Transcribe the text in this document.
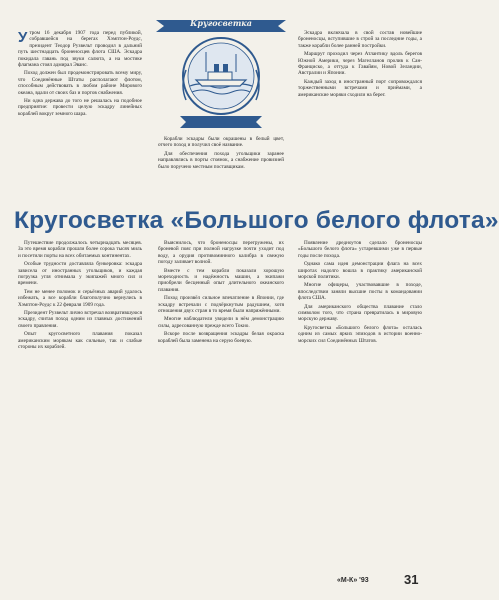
Утром 16 декабря 1907 года перед публикой, собравшейся на берегах Хэмптон-Роудс, президент Теодор Рузвельт проводил в дальний путь шестнадцать броненосцев флота США. Эскадра покидала гавань под звуки салюта, а на мостике флагмана стоял адмирал Эванс.

Поход должен был продемонстрировать всему миру, что Соединённые Штаты располагают флотом, способным действовать в любом районе Мирового океана, вдали от своих баз и портов снабжения.

Ни одна держава до того не решалась на подобное предприятие: провести целую эскадру линейных кораблей вокруг земного шара.

Кругосветка

Корабли эскадры были окрашены в белый цвет, отчего поход и получил своё название.

Для обеспечения похода угольщики заранее направлялись в порты стоянок, а снабжение провизией было поручено местным поставщикам.

Эскадра включала в свой состав новейшие броненосцы, вступившие в строй за последние годы, а также корабли более ранней постройки.

Маршрут проходил через Атлантику вдоль берегов Южной Америки, через Магелланов пролив к Сан-Франциско, а оттуда к Гавайям, Новой Зеландии, Австралии и Японии.

Каждый заход в иностранный порт сопровождался торжественными встречами и приёмами, а американские моряки сходили на берег.

Кругосветка «Большого белого флота»

Путешествие продолжалось четырнадцать месяцев. За это время корабли прошли более сорока тысяч миль и посетили порты на всех обитаемых континентах.

Особые трудности доставляла бункеровка: эскадра зависела от иностранных угольщиков, и каждая погрузка угля отнимала у экипажей много сил и времени.

Тем не менее поломок и серьёзных аварий удалось избежать, а все корабли благополучно вернулись в Хэмптон-Роудс к 22 февраля 1909 года.

Президент Рузвельт лично встречал возвратившуюся эскадру, считая поход одним из главных достижений своего правления.

Опыт кругосветного плавания показал американским морякам как сильные, так и слабые стороны их кораблей.

Выяснилось, что броненосцы перегружены, их броневой пояс при полной нагрузке почти уходит под воду, а орудия противоминного калибра в свежую погоду заливает волной.

Вместе с тем корабли показали хорошую мореходность и надёжность машин, а экипажи приобрели бесценный опыт длительного океанского плавания.

Поход произвёл сильное впечатление в Японии, где эскадру встречали с подчёркнутым радушием, хотя отношения двух стран в то время были напряжёнными.

Многие наблюдатели увидели в нём демонстрацию силы, адресованную прежде всего Токио.

Вскоре после возвращения эскадры белая окраска кораблей была заменена на серую боевую.

Появление дредноутов сделало броненосцы «Большого белого флота» устаревшими уже в первые годы после похода.

Однако сама идея демонстрации флага на всех широтах надолго вошла в практику американской морской политики.

Многие офицеры, участвовавшие в походе, впоследствии заняли высшие посты в командовании флота США.

Для американского общества плавание стало символом того, что страна превратилась в мировую морскую державу.

Кругосветка «Большого белого флота» осталась одним из самых ярких эпизодов в истории военно-морских сил Соединённых Штатов.

«М-К» '93	31
